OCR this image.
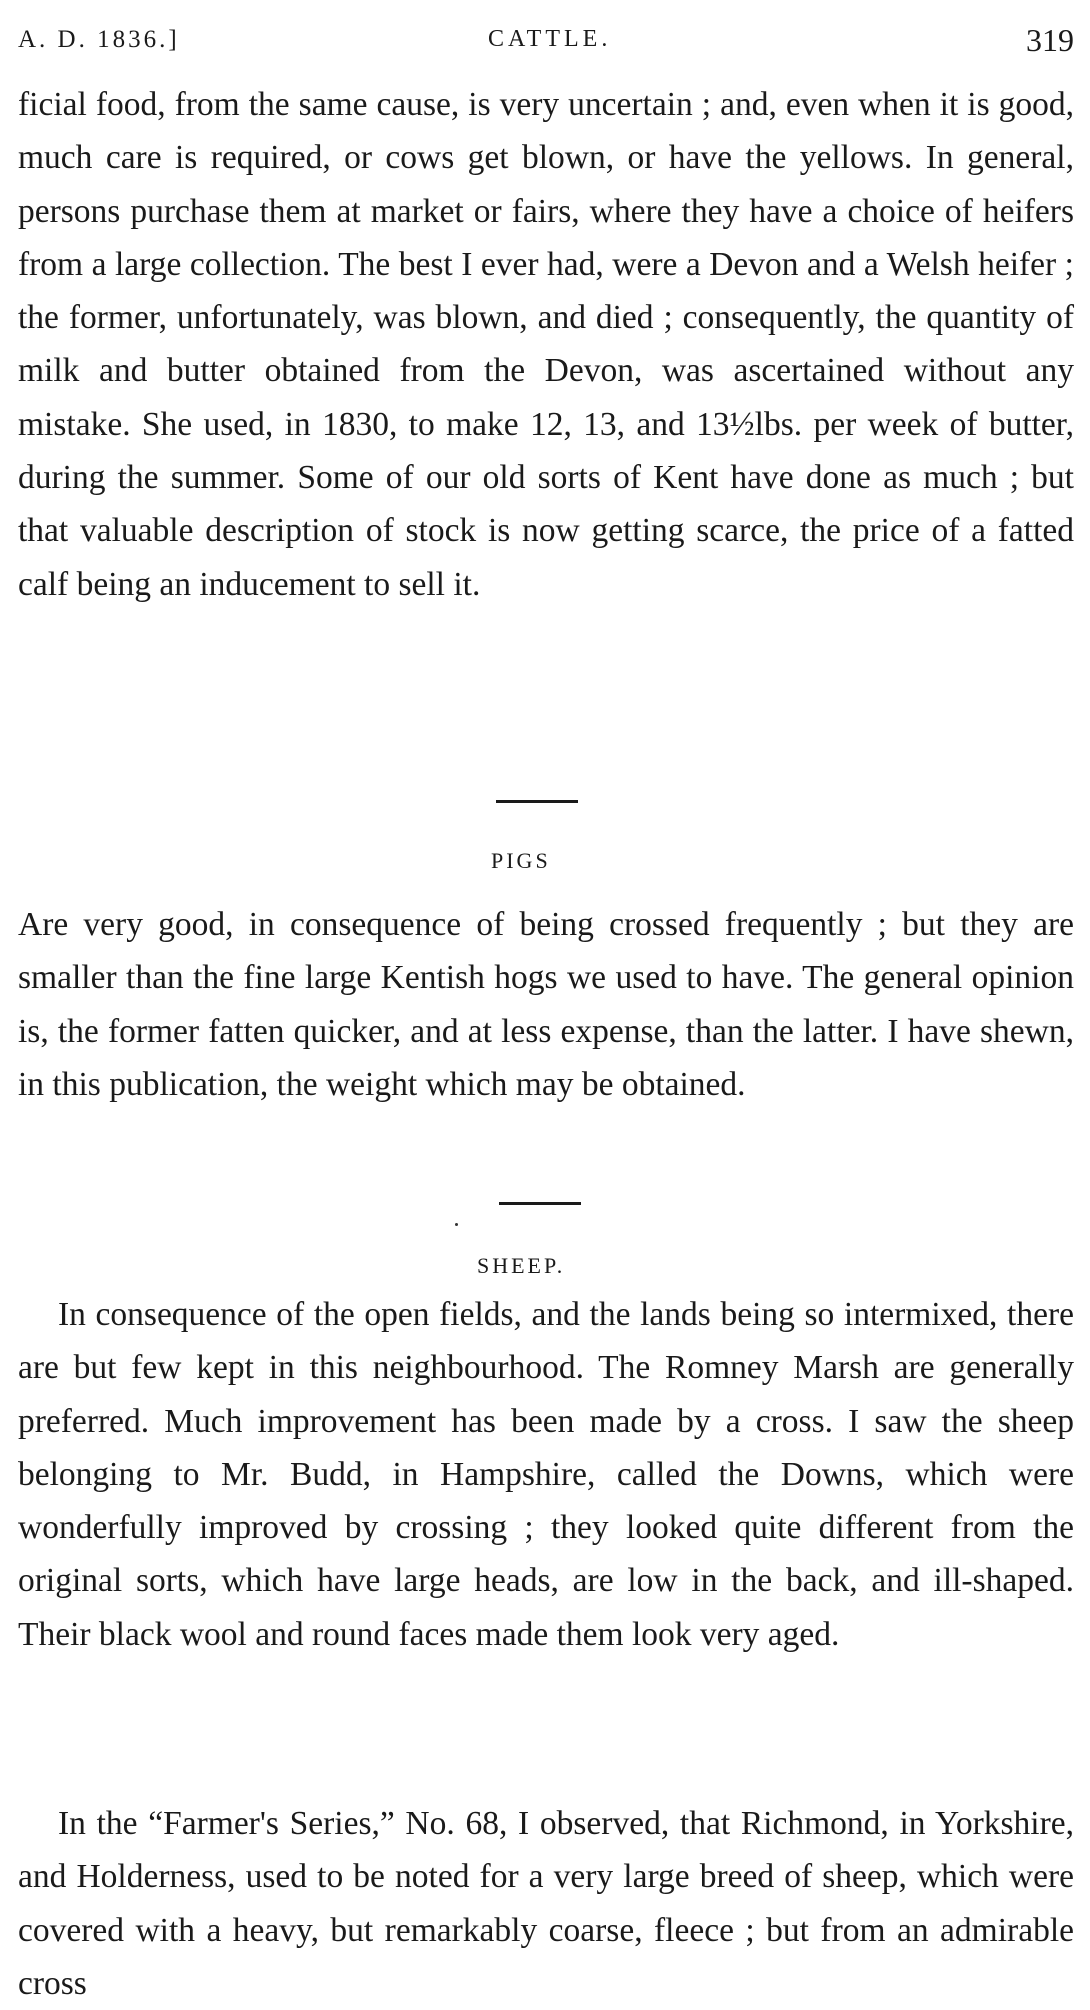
A. D. 1836.]	CATTLE.	319

ficial food, from the same cause, is very uncertain ; and, even when it is good, much care is required, or cows get blown, or have the yellows. In general, persons purchase them at market or fairs, where they have a choice of heifers from a large collection. The best I ever had, were a Devon and a Welsh heifer ; the former, unfortunately, was blown, and died ; consequently, the quantity of milk and butter obtained from the Devon, was ascertained without any mistake. She used, in 1830, to make 12, 13, and 13½lbs. per week of butter, during the summer. Some of our old sorts of Kent have done as much ; but that valuable description of stock is now getting scarce, the price of a fatted calf being an inducement to sell it.

PIGS

Are very good, in consequence of being crossed frequently ; but they are smaller than the fine large Kentish hogs we used to have. The general opinion is, the former fatten quicker, and at less expense, than the latter. I have shewn, in this publication, the weight which may be obtained.

SHEEP.

In consequence of the open fields, and the lands being so intermixed, there are but few kept in this neighbourhood. The Romney Marsh are generally preferred. Much improvement has been made by a cross. I saw the sheep belonging to Mr. Budd, in Hampshire, called the Downs, which were wonderfully improved by crossing ; they looked quite different from the original sorts, which have large heads, are low in the back, and ill-shaped. Their black wool and round faces made them look very aged.

In the “Farmer's Series,” No. 68, I observed, that Richmond, in Yorkshire, and Holderness, used to be noted for a very large breed of sheep, which were covered with a heavy, but remarkably coarse, fleece ; but from an admirable cross
